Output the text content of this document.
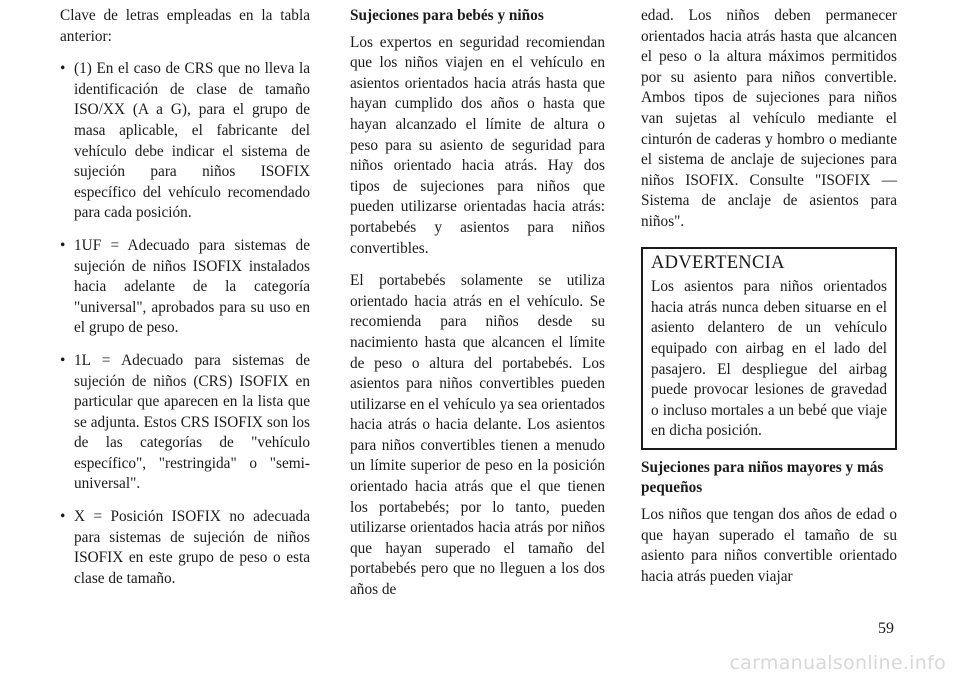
Clave de letras empleadas en la tabla anterior:

• (1) En el caso de CRS que no lleva la identificación de clase de tamaño ISO/XX (A a G), para el grupo de masa aplicable, el fabricante del vehículo debe indicar el sistema de sujeción para niños ISOFIX específico del vehículo recomendado para cada posición.

• 1UF = Adecuado para sistemas de sujeción de niños ISOFIX instalados hacia adelante de la categoría "universal", aprobados para su uso en el grupo de peso.

• 1L = Adecuado para sistemas de sujeción de niños (CRS) ISOFIX en particular que aparecen en la lista que se adjunta. Estos CRS ISOFIX son los de las categorías de "vehículo específico", "restringida" o "semi-universal".

• X = Posición ISOFIX no adecuada para sistemas de sujeción de niños ISOFIX en este grupo de peso o esta clase de tamaño.

Sujeciones para bebés y niños

Los expertos en seguridad recomiendan que los niños viajen en el vehículo en asientos orientados hacia atrás hasta que hayan cumplido dos años o hasta que hayan alcanzado el límite de altura o peso para su asiento de seguridad para niños orientado hacia atrás. Hay dos tipos de sujeciones para niños que pueden utilizarse orientadas hacia atrás: portabebés y asientos para niños convertibles.

El portabebés solamente se utiliza orientado hacia atrás en el vehículo. Se recomienda para niños desde su nacimiento hasta que alcancen el límite de peso o altura del portabebés. Los asientos para niños convertibles pueden utilizarse en el vehículo ya sea orientados hacia atrás o hacia delante. Los asientos para niños convertibles tienen a menudo un límite superior de peso en la posición orientado hacia atrás que el que tienen los portabebés; por lo tanto, pueden utilizarse orientados hacia atrás por niños que hayan superado el tamaño del portabebés pero que no lleguen a los dos años de

edad. Los niños deben permanecer orientados hacia atrás hasta que alcancen el peso o la altura máximos permitidos por su asiento para niños convertible. Ambos tipos de sujeciones para niños van sujetas al vehículo mediante el cinturón de caderas y hombro o mediante el sistema de anclaje de sujeciones para niños ISOFIX. Consulte "ISOFIX — Sistema de anclaje de asientos para niños".

ADVERTENCIA

Los asientos para niños orientados hacia atrás nunca deben situarse en el asiento delantero de un vehículo equipado con airbag en el lado del pasajero. El despliegue del airbag puede provocar lesiones de gravedad o incluso mortales a un bebé que viaje en dicha posición.

Sujeciones para niños mayores y más pequeños

Los niños que tengan dos años de edad o que hayan superado el tamaño de su asiento para niños convertible orientado hacia atrás pueden viajar

59
carmanualsonline.info
